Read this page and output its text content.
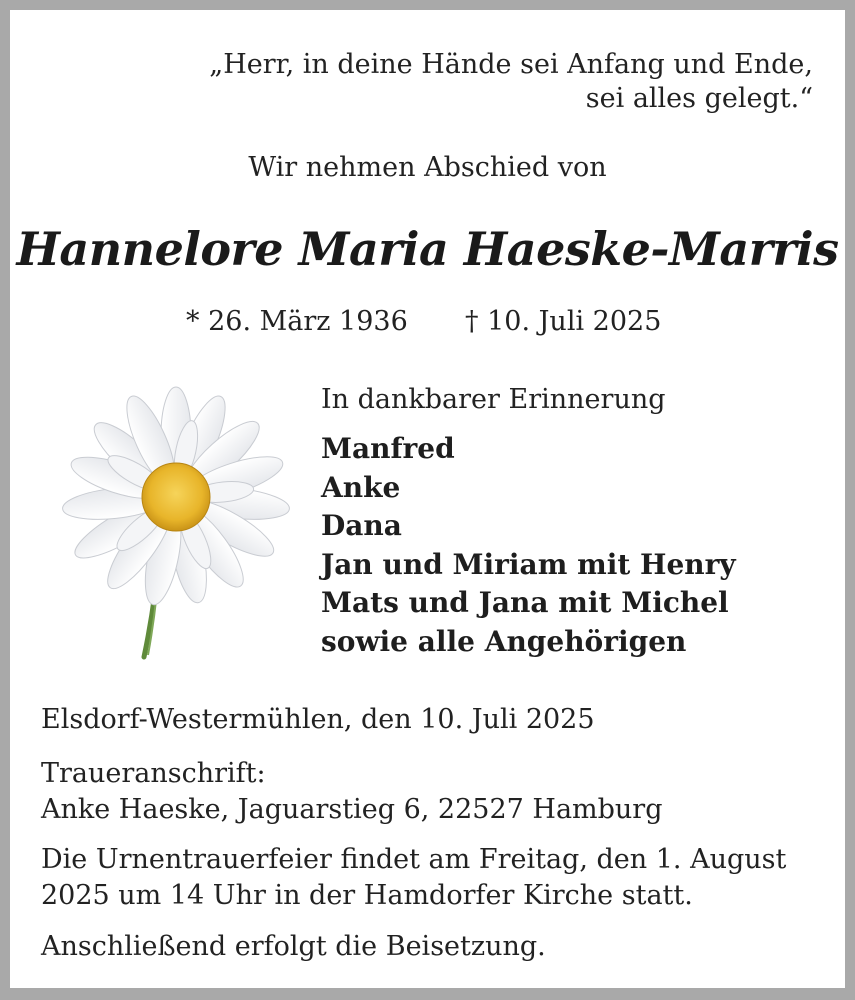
„Herr, in deine Hände sei Anfang und Ende,

sei alles gelegt.“

Wir nehmen Abschied von

Hannelore Maria Haeske-Marris
* 26. März 1936 † 10. Juli 2025

In dankbarer Erinnerung

Manfred
Anke
Dana
Jan und Miriam mit Henry
Mats und Jana mit Michel
sowie alle Angehörigen

Elsdorf-Westermühlen, den 10. Juli 2025

Traueranschrift:

Anke Haeske, Jaguarstieg 6, 22527 Hamburg

Die Urnentrauerfeier findet am Freitag, den 1. August

2025 um 14 Uhr in der Hamdorfer Kirche statt.

Anschließend erfolgt die Beisetzung.
